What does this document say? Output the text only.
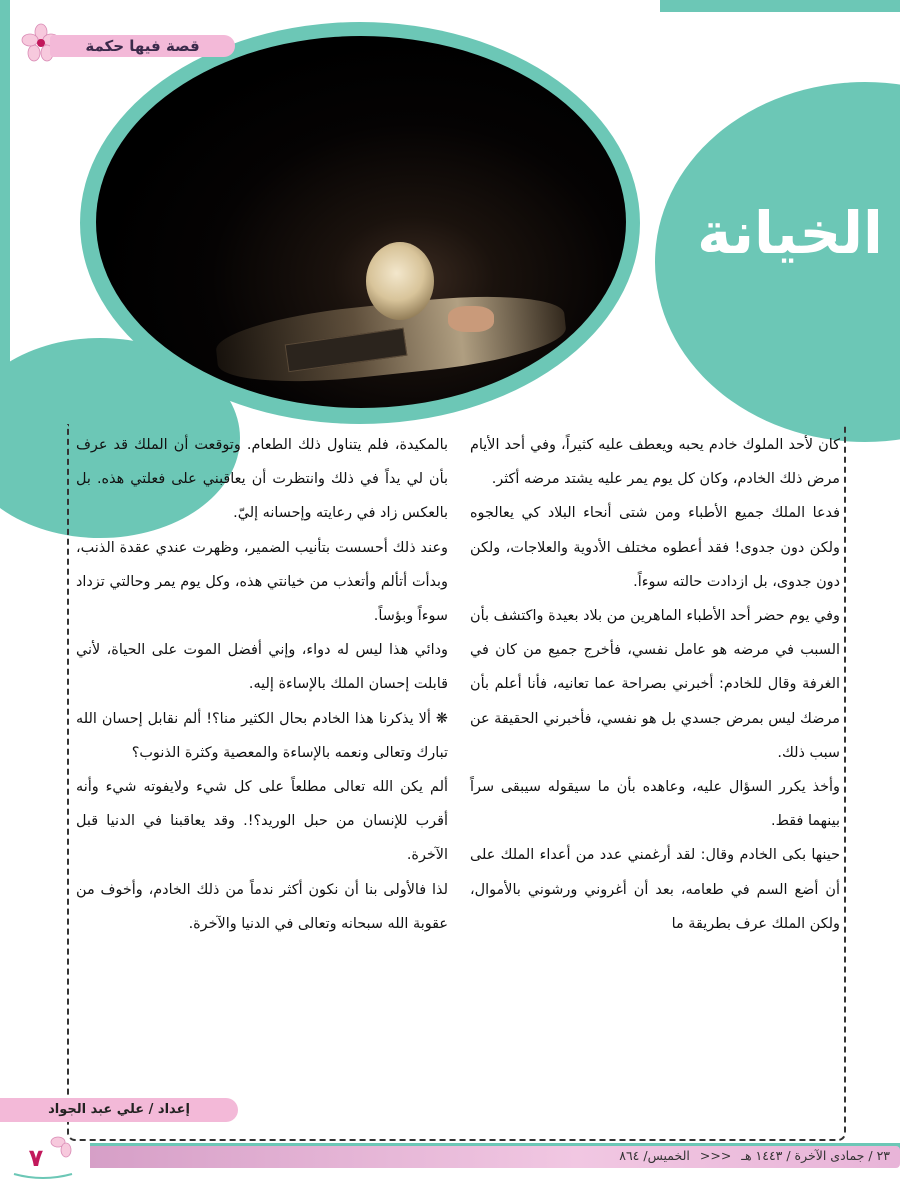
قصة فيها حكمة
الخيانة

كان لأحد الملوك خادم يحبه ويعطف عليه كثيراً، وفي أحد الأيام مرض ذلك الخادم، وكان كل يوم يمر عليه يشتد مرضه أكثر.

فدعا الملك جميع الأطباء ومن شتى أنحاء البلاد كي يعالجوه ولكن دون جدوى! فقد أعطوه مختلف الأدوية والعلاجات، ولكن دون جدوى، بل ازدادت حالته سوءاً.

وفي يوم حضر أحد الأطباء الماهرين من بلاد بعيدة واكتشف بأن السبب في مرضه هو عامل نفسي، فأخرج جميع من كان في الغرفة وقال للخادم: أخبرني بصراحة عما تعانيه، فأنا أعلم بأن مرضك ليس بمرض جسدي بل هو نفسي، فأخبرني الحقيقة عن سبب ذلك.

وأخذ يكرر السؤال عليه، وعاهده بأن ما سيقوله سيبقى سراً بينهما فقط.

حينها بكى الخادم وقال: لقد أرغمني عدد من أعداء الملك على أن أضع السم في طعامه، بعد أن أغروني ورشوني بالأموال، ولكن الملك عرف بطريقة ما

بالمكيدة، فلم يتناول ذلك الطعام. وتوقعت أن الملك قد عرف بأن لي يداً في ذلك وانتظرت أن يعاقبني على فعلتي هذه. بل بالعكس زاد في رعايته وإحسانه إليّ.

وعند ذلك أحسست بتأنيب الضمير، وظهرت عندي عقدة الذنب، وبدأت أتألم وأتعذب من خيانتي هذه، وكل يوم يمر وحالتي تزداد سوءاً وبؤساً.

ودائي هذا ليس له دواء، وإني أفضل الموت على الحياة، لأني قابلت إحسان الملك بالإساءة إليه.

❋ ألا يذكرنا هذا الخادم بحال الكثير منا؟! ألم نقابل إحسان الله تبارك وتعالى ونعمه بالإساءة والمعصية وكثرة الذنوب؟

ألم يكن الله تعالى مطلعاً على كل شيء ولايفوته شيء وأنه أقرب للإنسان من حبل الوريد؟!. وقد يعاقبنا في الدنيا قبل الآخرة.

لذا فالأولى بنا أن نكون أكثر ندماً من ذلك الخادم، وأخوف من عقوبة الله سبحانه وتعالى في الدنيا والآخرة.

إعداد / علي عبد الجواد
٢٣ / جمادى الآخرة / ١٤٤٣ هـ <<< الخميس/ ٨٦٤
٧
